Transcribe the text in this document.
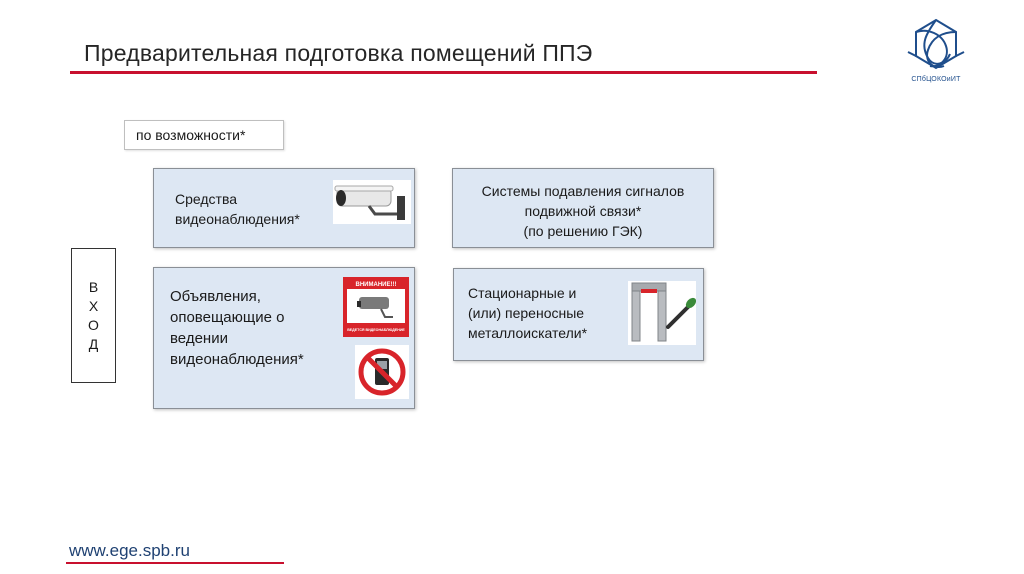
Предварительная подготовка помещений ППЭ
СПбЦОКОиИТ
по возможности*
Средства
видеонаблюдения*
Системы подавления сигналов
подвижной связи*
(по решению ГЭК)
В
Х
О
Д
Объявления,
оповещающие о
ведении
видеонаблюдения*
ВНИМАНИЕ!!!
ВЕДЕТСЯ ВИДЕОНАБЛЮДЕНИЕ
Стационарные и
(или) переносные
металлоискатели*
www.ege.spb.ru
